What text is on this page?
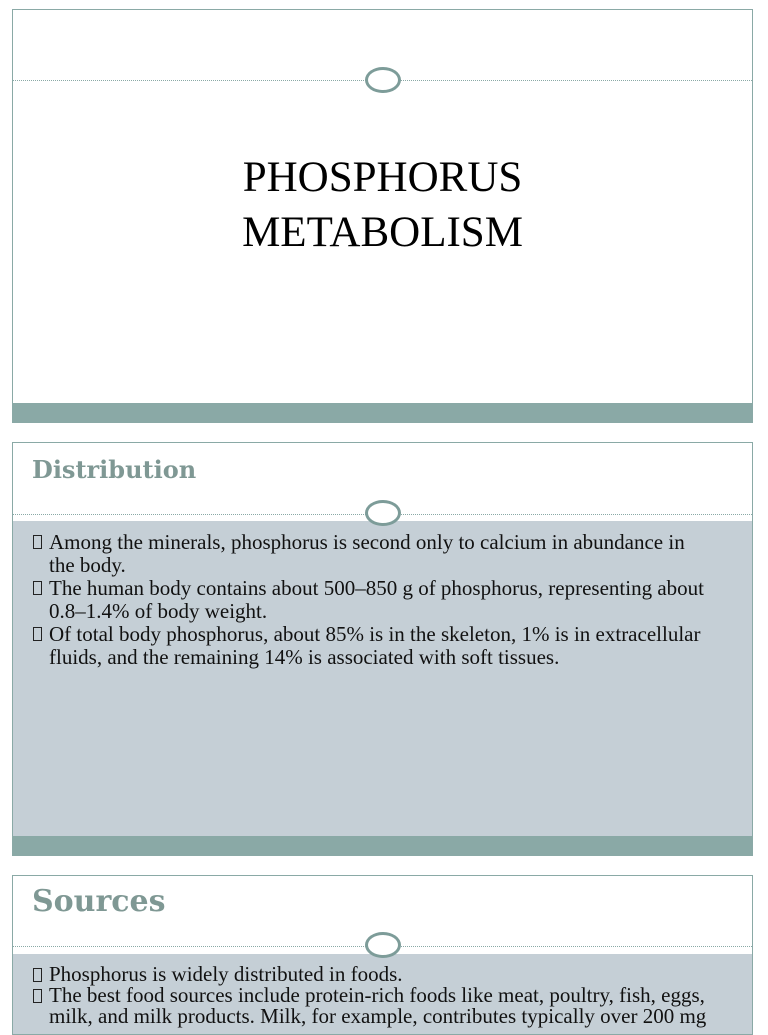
PHOSPHORUS
METABOLISM
Distribution
Among the minerals, phosphorus is second only to calcium in abundance in the body.
The human body contains about 500–850 g of phosphorus, representing about 0.8–1.4% of body weight.
Of total body phosphorus, about 85% is in the skeleton, 1% is in extracellular fluids, and the remaining 14% is associated with soft tissues.
Sources
Phosphorus is widely distributed in foods.
The best food sources include protein-rich foods like meat, poultry, fish, eggs, milk, and milk products. Milk, for example, contributes typically over 200 mg
